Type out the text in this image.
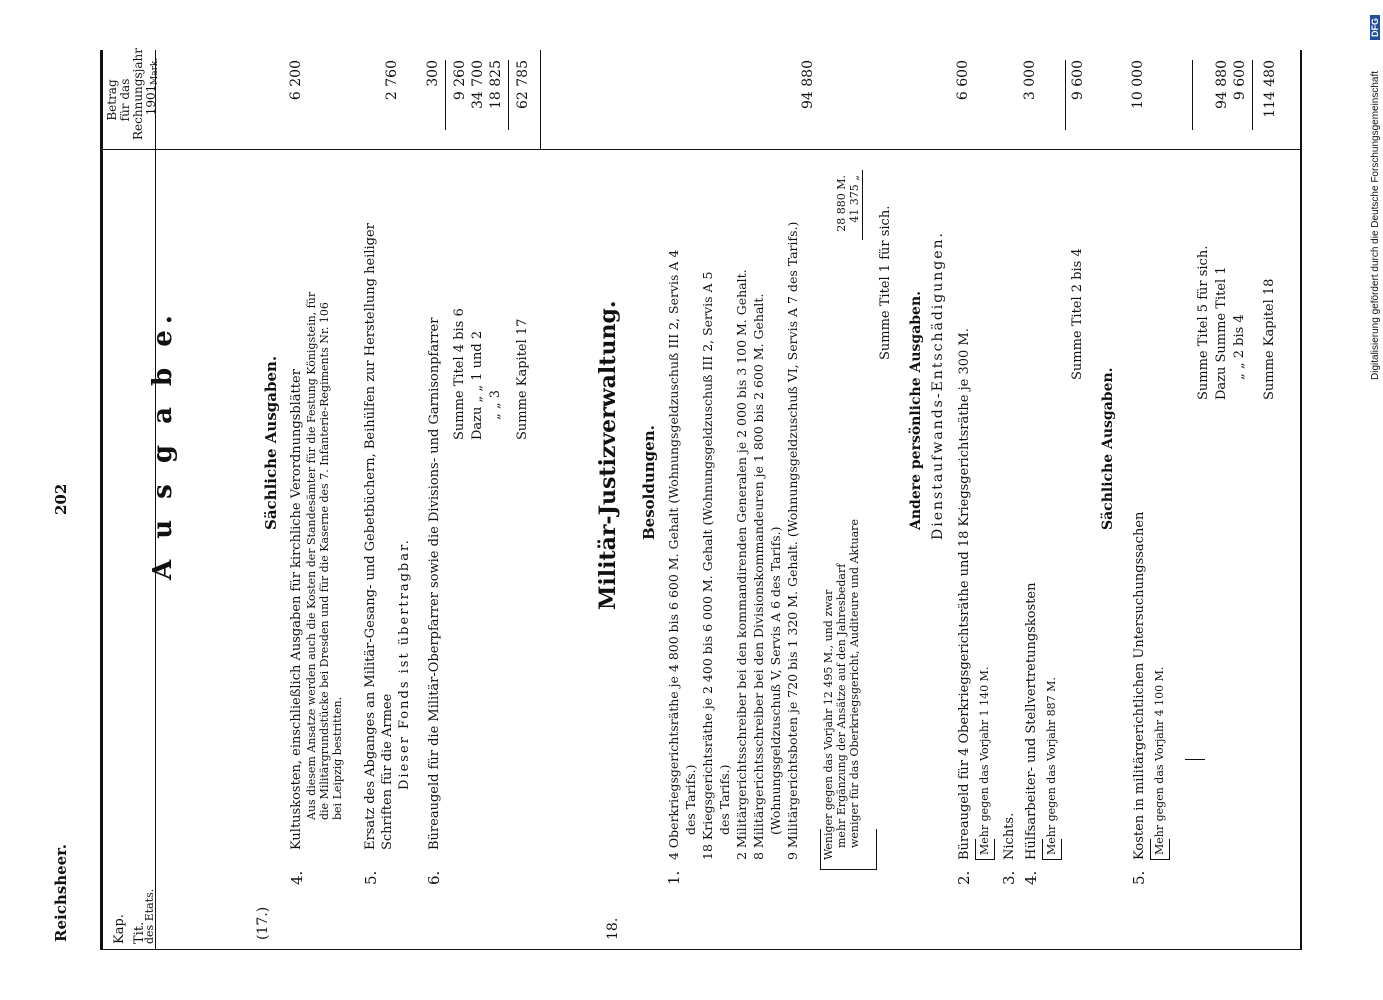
Reichsheer.
202
Kap. Tit.
des Etats.
Betrag für das Rechnungsjahr 1901
Mark.
A u s g a b e.
(17.)
Sächliche Ausgaben.
4.
Kultuskosten, einschließlich Ausgaben für kirchliche Verordnungsblätter Aus diesem Ansatze werden auch die Kosten der Standesämter für die Festung Königstein, für die Militärgrundstücke bei Dresden und für die Kaserne des 7. Infanterie-Regiments Nr. 106 bei Leipzig bestritten.
6 200
5.
Ersatz des Abganges an Militär-Gesang- und Gebetbüchern, Beihülfen zur Herstellung heiliger Schriften für die Armee Dieser Fonds ist übertragbar.
2 760
6.
Büreaugeld für die Militär-Oberpfarrer sowie die Divisions- und Garnisonpfarrer
300
Summe Titel 4 bis 6
9 260
Dazu „ „ 1 und 2
34 700
„ „ 3
18 825
Summe Kapitel 17
62 785
18.
Militär-Justizverwaltung. Besoldungen.
1.
4 Oberkriegsgerichtsräthe je 4 800 bis 6 600 M. Gehalt (Wohnungsgeldzuschuß III 2, Servis A 4 des Tarifs.) 18 Kriegsgerichtsräthe je 2 400 bis 6 000 M. Gehalt (Wohnungsgeldzuschuß III 2, Servis A 5 des Tarifs.) 2 Militärgerichtsschreiber bei den kommandirenden Generalen je 2 000 bis 3 100 M. Gehalt. 8 Militärgerichtsschreiber bei den Divisionskommandeuren je 1 800 bis 2 600 M. Gehalt. (Wohnungsgeldzuschuß V, Servis A 6 des Tarifs.) 9 Militärgerichtsboten je 720 bis 1 320 M. Gehalt. (Wohnungsgeldzuschuß VI, Servis A 7 des Tarifs.)
94 880
Weniger gegen das Vorjahr 12 495 M., und zwar mehr Ergänzung der Ansätze auf den Jahresbedarf weniger für das Oberkriegsgericht, Auditeure und Aktuare
28 880 M. 41 375 „
Summe Titel 1 für sich.
Andere persönliche Ausgaben. Dienstaufwands-Entschädigungen.
2.
Büreaugeld für 4 Oberkriegsgerichtsräthe und 18 Kriegsgerichtsräthe je 300 M.
6 600
Mehr gegen das Vorjahr 1 140 M.
3.
Nichts.
4.
Hülfsarbeiter- und Stellvertretungskosten
3 000
Mehr gegen das Vorjahr 887 M.
Summe Titel 2 bis 4
9 600
Sächliche Ausgaben.
5.
Kosten in militärgerichtlichen Untersuchungssachen
10 000
Mehr gegen das Vorjahr 4 100 M.
Summe Titel 5 für sich. Dazu Summe Titel 1
94 880
„ „ 2 bis 4
9 600
Summe Kapitel 18
114 480	Digitalisierung gefördert durch die Deutsche Forschungsgemeinschaft
DFG
